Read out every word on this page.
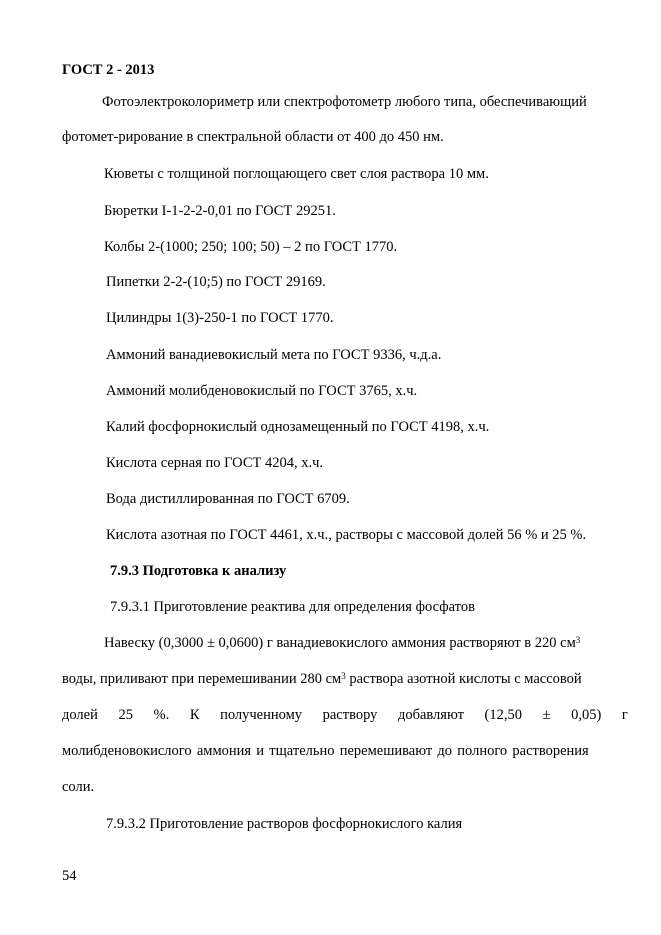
ГОСТ 2 - 2013
Фотоэлектроколориметр или спектрофотометр любого типа, обеспечивающий
фотомет-рирование в спектральной области от 400 до 450 нм.
Кюветы с толщиной поглощающего свет слоя раствора 10 мм.
Бюретки I-1-2-2-0,01 по ГОСТ 29251.
Колбы 2-(1000; 250; 100; 50) – 2 по ГОСТ 1770.
Пипетки 2-2-(10;5) по ГОСТ 29169.
Цилиндры 1(3)-250-1 по ГОСТ 1770.
Аммоний ванадиевокислый мета по ГОСТ 9336, ч.д.а.
Аммоний молибденовокислый по ГОСТ 3765, х.ч.
Калий фосфорнокислый однозамещенный по ГОСТ 4198, х.ч.
Кислота серная по ГОСТ 4204, х.ч.
Вода дистиллированная по ГОСТ 6709.
Кислота азотная по ГОСТ 4461, х.ч., растворы с массовой долей 56 % и 25 %.
7.9.3 Подготовка к анализу
7.9.3.1 Приготовление реактива для определения фосфатов
Навеску (0,3000 ± 0,0600) г ванадиевокислого аммония растворяют в 220 $см^3$
воды, приливают при перемешивании 280 $см^3$ раствора азотной кислоты с массовой
долей 25 %. К полученному раствору добавляют (12,50 ± 0,05) г
молибденовокислого аммония и тщательно перемешивают до полного растворения
соли.
7.9.3.2 Приготовление растворов фосфорнокислого калия
54
